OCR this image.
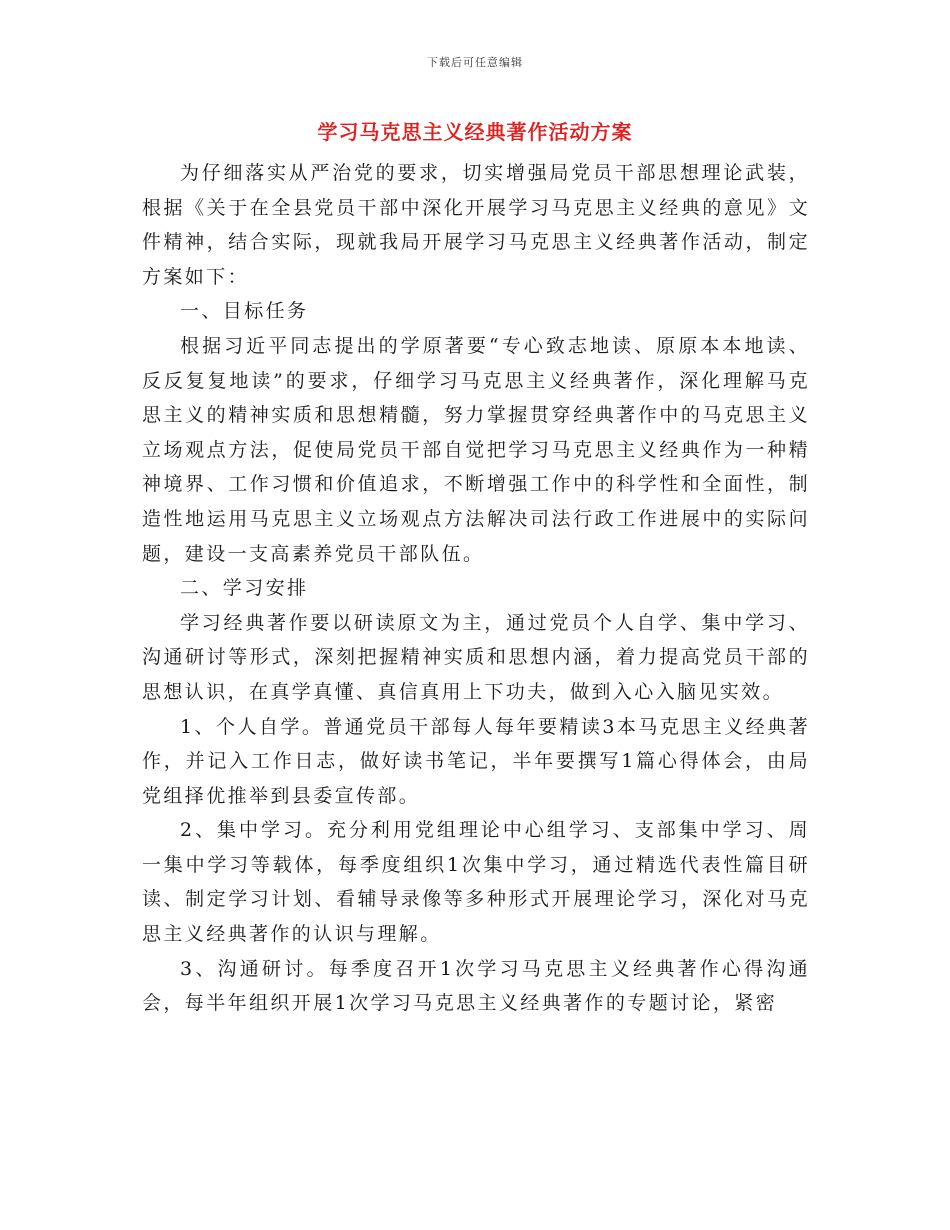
下载后可任意编辑
学习马克思主义经典著作活动方案

为仔细落实从严治党的要求，切实增强局党员干部思想理论武装，根据《关于在全县党员干部中深化开展学习马克思主义经典的意见》文件精神，结合实际，现就我局开展学习马克思主义经典著作活动，制定方案如下：

一、目标任务

根据习近平同志提出的学原著要“专心致志地读、原原本本地读、反反复复地读”的要求，仔细学习马克思主义经典著作，深化理解马克思主义的精神实质和思想精髓，努力掌握贯穿经典著作中的马克思主义立场观点方法，促使局党员干部自觉把学习马克思主义经典作为一种精神境界、工作习惯和价值追求，不断增强工作中的科学性和全面性，制造性地运用马克思主义立场观点方法解决司法行政工作进展中的实际问题，建设一支高素养党员干部队伍。

二、学习安排

学习经典著作要以研读原文为主，通过党员个人自学、集中学习、沟通研讨等形式，深刻把握精神实质和思想内涵，着力提高党员干部的思想认识，在真学真懂、真信真用上下功夫，做到入心入脑见实效。

1、个人自学。普通党员干部每人每年要精读3本马克思主义经典著作，并记入工作日志，做好读书笔记，半年要撰写1篇心得体会，由局党组择优推举到县委宣传部。

2、集中学习。充分利用党组理论中心组学习、支部集中学习、周一集中学习等载体，每季度组织1次集中学习，通过精选代表性篇目研读、制定学习计划、看辅导录像等多种形式开展理论学习，深化对马克思主义经典著作的认识与理解。

3、沟通研讨。每季度召开1次学习马克思主义经典著作心得沟通会，每半年组织开展1次学习马克思主义经典著作的专题讨论，紧密
